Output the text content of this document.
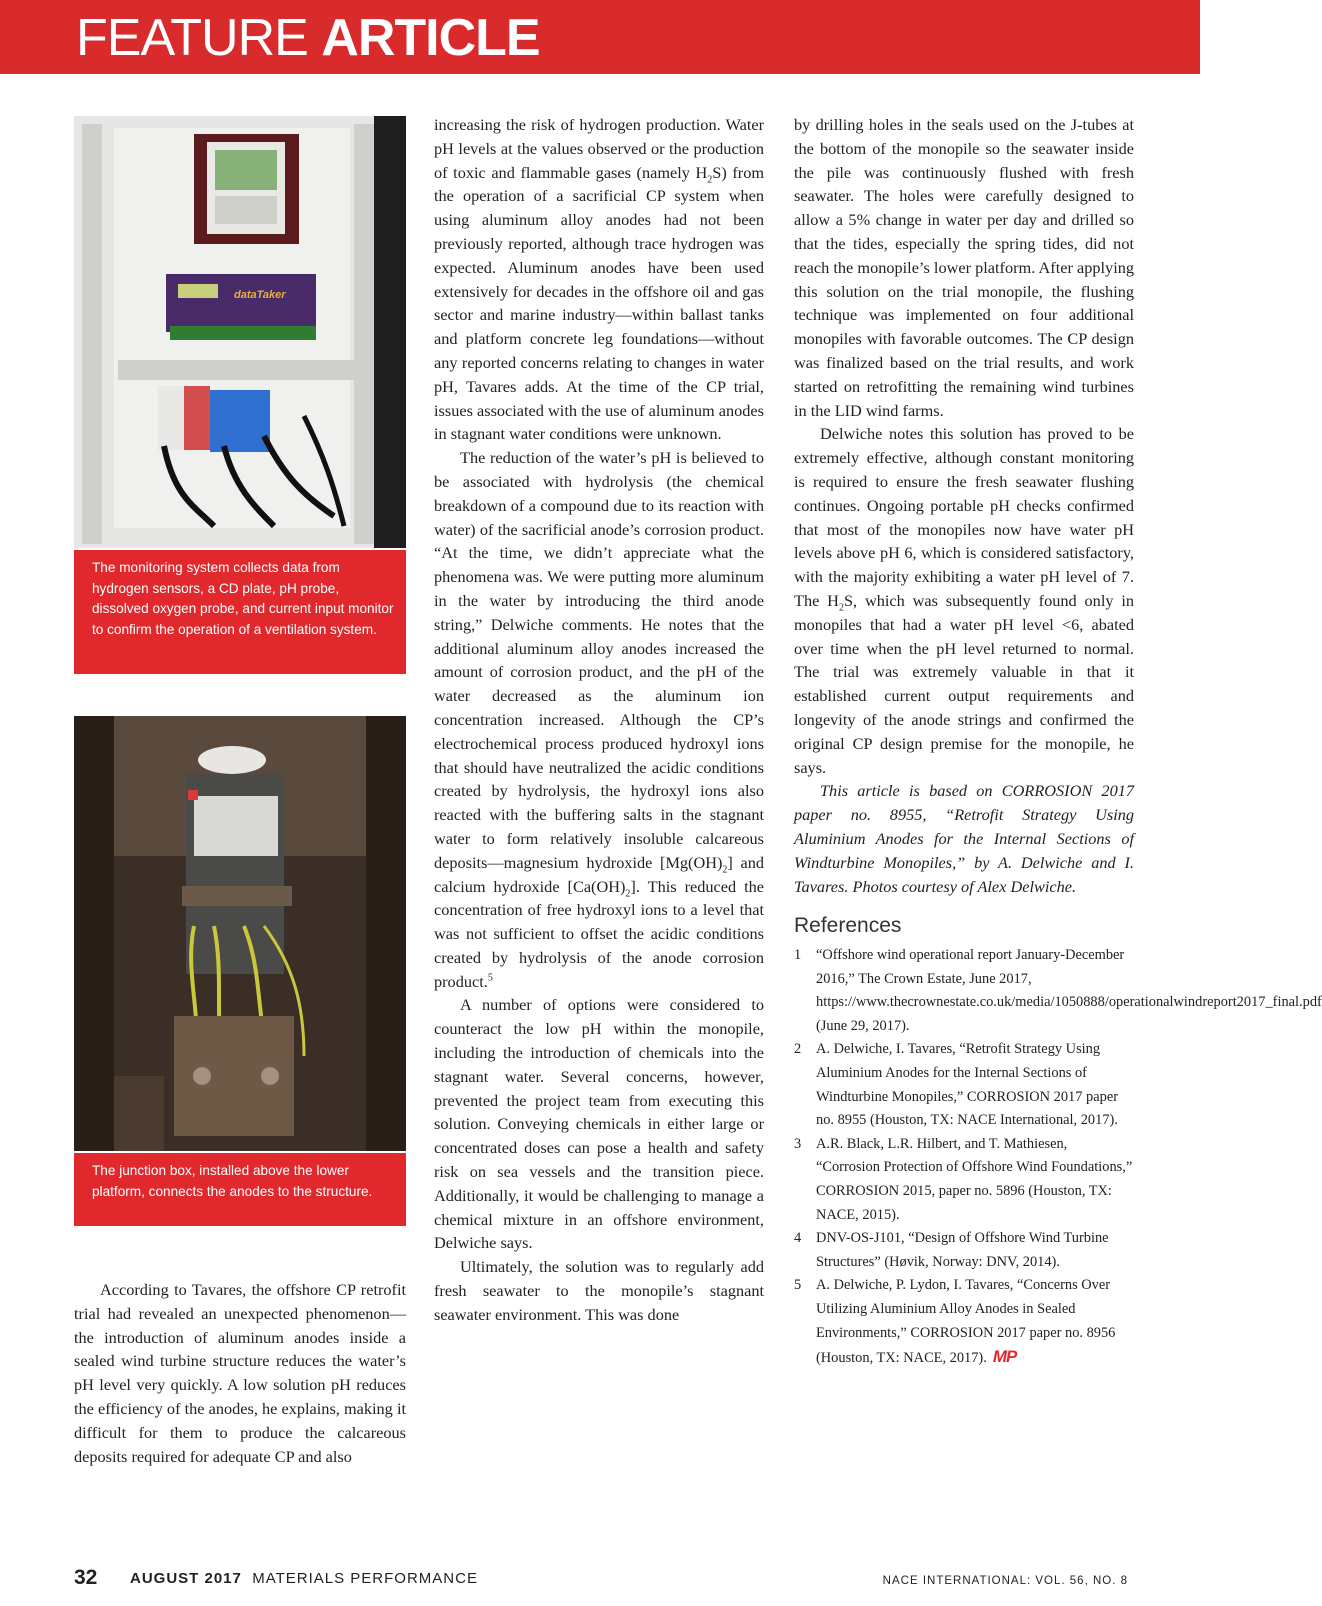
FEATURE ARTICLE
dataTaker
The monitoring system collects data from hydrogen sensors, a CD plate, pH probe, dissolved oxygen probe, and current input monitor to confirm the operation of a ventilation system.
The junction box, installed above the lower platform, connects the anodes to the structure.

According to Tavares, the offshore CP retrofit trial had revealed an unexpected phenomenon—the introduction of aluminum anodes inside a sealed wind turbine structure reduces the water’s pH level very quickly. A low solution pH reduces the efficiency of the anodes, he explains, making it difficult for them to produce the calcareous deposits required for adequate CP and also

increasing the risk of hydrogen production. Water pH levels at the values observed or the production of toxic and flammable gases (namely $H_2S$) from the operation of a sacrificial CP system when using aluminum alloy anodes had not been previously reported, although trace hydrogen was expected. Aluminum anodes have been used extensively for decades in the offshore oil and gas sector and marine industry—within ballast tanks and platform concrete leg foundations—without any reported concerns relating to changes in water pH, Tavares adds. At the time of the CP trial, issues associated with the use of aluminum anodes in stagnant water conditions were unknown.

The reduction of the water’s pH is believed to be associated with hydrolysis (the chemical breakdown of a compound due to its reaction with water) of the sacrificial anode’s corrosion product. “At the time, we didn’t appreciate what the phenomena was. We were putting more aluminum in the water by introducing the third anode string,” Delwiche comments. He notes that the additional aluminum alloy anodes increased the amount of corrosion product, and the pH of the water decreased as the aluminum ion concentration increased. Although the CP’s electrochemical process produced hydroxyl ions that should have neutralized the acidic conditions created by hydrolysis, the hydroxyl ions also reacted with the buffering salts in the stagnant water to form relatively insoluble calcareous deposits—magnesium hydroxide $[Mg(OH)_2]$ and calcium hydroxide $[Ca(OH)_2]$. This reduced the concentration of free hydroxyl ions to a level that was not sufficient to offset the acidic conditions created by hydrolysis of the anode corrosion product.$^5$

A number of options were considered to counteract the low pH within the monopile, including the introduction of chemicals into the stagnant water. Several concerns, however, prevented the project team from executing this solution. Conveying chemicals in either large or concentrated doses can pose a health and safety risk on sea vessels and the transition piece. Additionally, it would be challenging to manage a chemical mixture in an offshore environment, Delwiche says.

Ultimately, the solution was to regularly add fresh seawater to the monopile’s stagnant seawater environment. This was done

by drilling holes in the seals used on the J-tubes at the bottom of the monopile so the seawater inside the pile was continuously flushed with fresh seawater. The holes were carefully designed to allow a 5% change in water per day and drilled so that the tides, especially the spring tides, did not reach the monopile’s lower platform. After applying this solution on the trial monopile, the flushing technique was implemented on four additional monopiles with favorable outcomes. The CP design was finalized based on the trial results, and work started on retrofitting the remaining wind turbines in the LID wind farms.

Delwiche notes this solution has proved to be extremely effective, although constant monitoring is required to ensure the fresh seawater flushing continues. Ongoing portable pH checks confirmed that most of the monopiles now have water pH levels above pH 6, which is considered satisfactory, with the majority exhibiting a water pH level of 7. The $H_2S$, which was subsequently found only in monopiles that had a water pH level <6, abated over time when the pH level returned to normal. The trial was extremely valuable in that it established current output requirements and longevity of the anode strings and confirmed the original CP design premise for the monopile, he says.

This article is based on CORROSION 2017 paper no. 8955, “Retrofit Strategy Using Aluminium Anodes for the Internal Sections of Windturbine Monopiles,” by A. Delwiche and I. Tavares. Photos courtesy of Alex Delwiche.

References
1 “Offshore wind operational report January-December 2016,” The Crown Estate, June 2017, https://www.thecrownestate.co.uk/media/1050888/operationalwindreport2017_final.pdf (June 29, 2017).
2 A. Delwiche, I. Tavares, “Retrofit Strategy Using Aluminium Anodes for the Internal Sections of Windturbine Monopiles,” CORROSION 2017 paper no. 8955 (Houston, TX: NACE International, 2017).
3 A.R. Black, L.R. Hilbert, and T. Mathiesen, “Corrosion Protection of Offshore Wind Foundations,” CORROSION 2015, paper no. 5896 (Houston, TX: NACE, 2015).
4 DNV-OS-J101, “Design of Offshore Wind Turbine Structures” (Høvik, Norway: DNV, 2014).
5 A. Delwiche, P. Lydon, I. Tavares, “Concerns Over Utilizing Aluminium Alloy Anodes in Sealed Environments,” CORROSION 2017 paper no. 8956 (Houston, TX: NACE, 2017). MP
32 AUGUST 2017 MATERIALS PERFORMANCE	NACE INTERNATIONAL: VOL. 56, NO. 8
